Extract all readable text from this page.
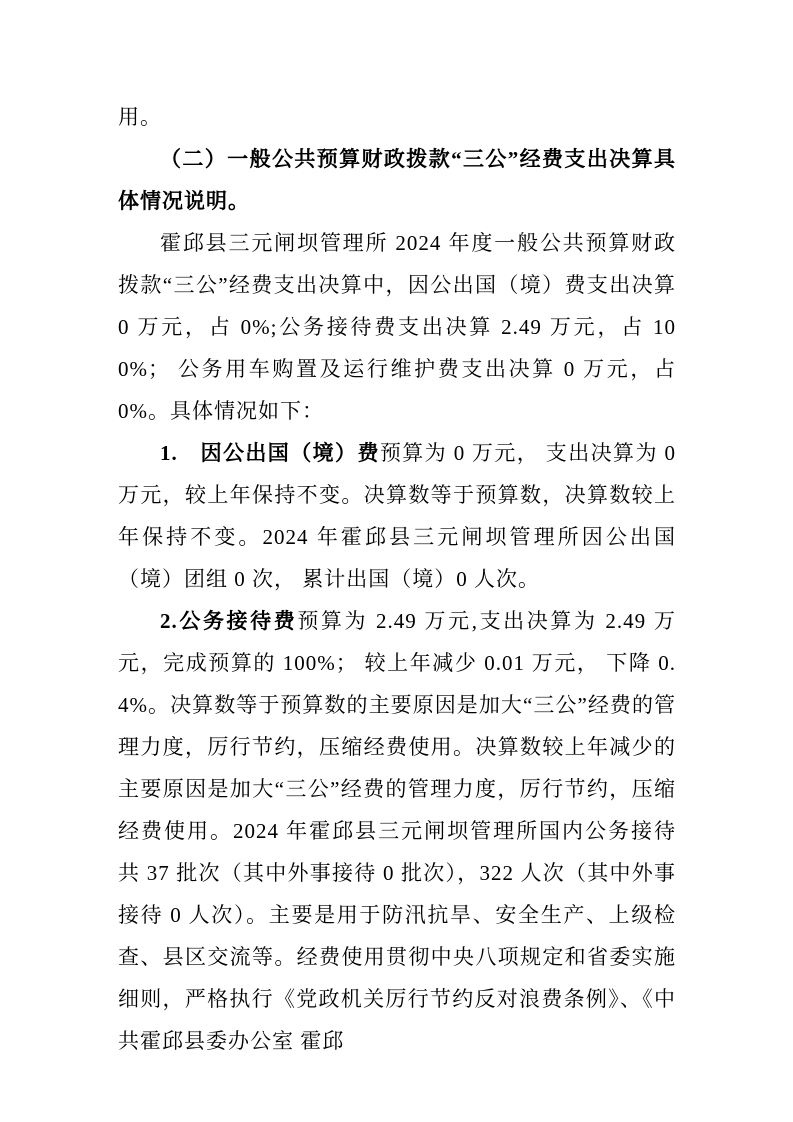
用。

（二）一般公共预算财政拨款“三公”经费支出决算具体情况说明。

霍邱县三元闸坝管理所 2024 年度一般公共预算财政拨款“三公”经费支出决算中，因公出国（境）费支出决算 0 万元，占 0%;公务接待费支出决算 2.49 万元，占 100%； 公务用车购置及运行维护费支出决算 0 万元，占 0%。具体情况如下：

1.　因公出国（境）费预算为 0 万元， 支出决算为 0 万元，较上年保持不变。决算数等于预算数，决算数较上年保持不变。2024 年霍邱县三元闸坝管理所因公出国（境）团组 0 次， 累计出国（境）0 人次。

2.公务接待费预算为 2.49 万元,支出决算为 2.49 万元，完成预算的 100%； 较上年减少 0.01 万元， 下降 0.4%。决算数等于预算数的主要原因是加大“三公”经费的管理力度，厉行节约，压缩经费使用。决算数较上年减少的主要原因是加大“三公”经费的管理力度，厉行节约，压缩经费使用。2024 年霍邱县三元闸坝管理所国内公务接待共 37 批次（其中外事接待 0 批次），322 人次（其中外事接待 0 人次）。主要是用于防汛抗旱、安全生产、上级检查、县区交流等。经费使用贯彻中央八项规定和省委实施细则，严格执行《党政机关厉行节约反对浪费条例》、《中共霍邱县委办公室 霍邱
